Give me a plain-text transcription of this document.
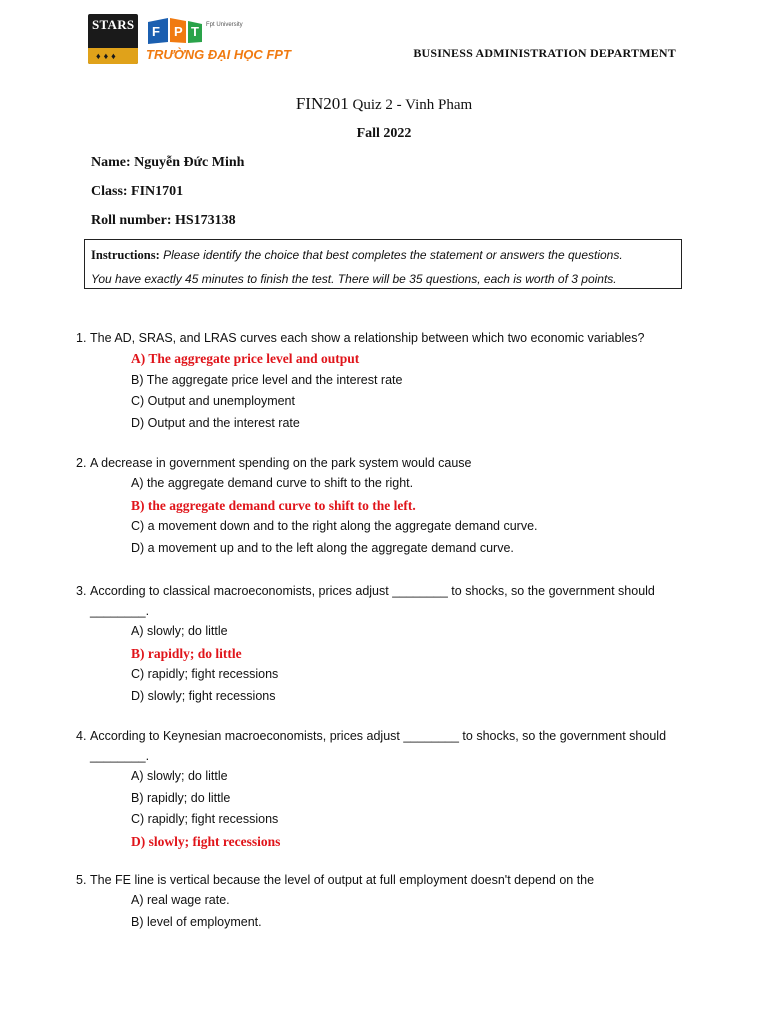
STARS
♦♦♦
F P T Fpt University
TRƯỜNG ĐẠI HỌC FPT	BUSINESS ADMINISTRATION DEPARTMENT
FIN201 Quiz 2 - Vinh Pham
Fall 2022
Name: Nguyễn Đức Minh
Class: FIN1701
Roll number: HS173138
Instructions: Please identify the choice that best completes the statement or answers the questions.
You have exactly 45 minutes to finish the test. There will be 35 questions, each is worth of 3 points.
1. The AD, SRAS, and LRAS curves each show a relationship between which two economic variables?
A) The aggregate price level and output
B) The aggregate price level and the interest rate
C) Output and unemployment
D) Output and the interest rate
2. A decrease in government spending on the park system would cause
A) the aggregate demand curve to shift to the right.
B) the aggregate demand curve to shift to the left.
C) a movement down and to the right along the aggregate demand curve.
D) a movement up and to the left along the aggregate demand curve.
3. According to classical macroeconomists, prices adjust ________ to shocks, so the government should ________.
A) slowly; do little
B) rapidly; do little
C) rapidly; fight recessions
D) slowly; fight recessions
4. According to Keynesian macroeconomists, prices adjust ________ to shocks, so the government should ________.
A) slowly; do little
B) rapidly; do little
C) rapidly; fight recessions
D) slowly; fight recessions
5. The FE line is vertical because the level of output at full employment doesn't depend on the
A) real wage rate.
B) level of employment.
